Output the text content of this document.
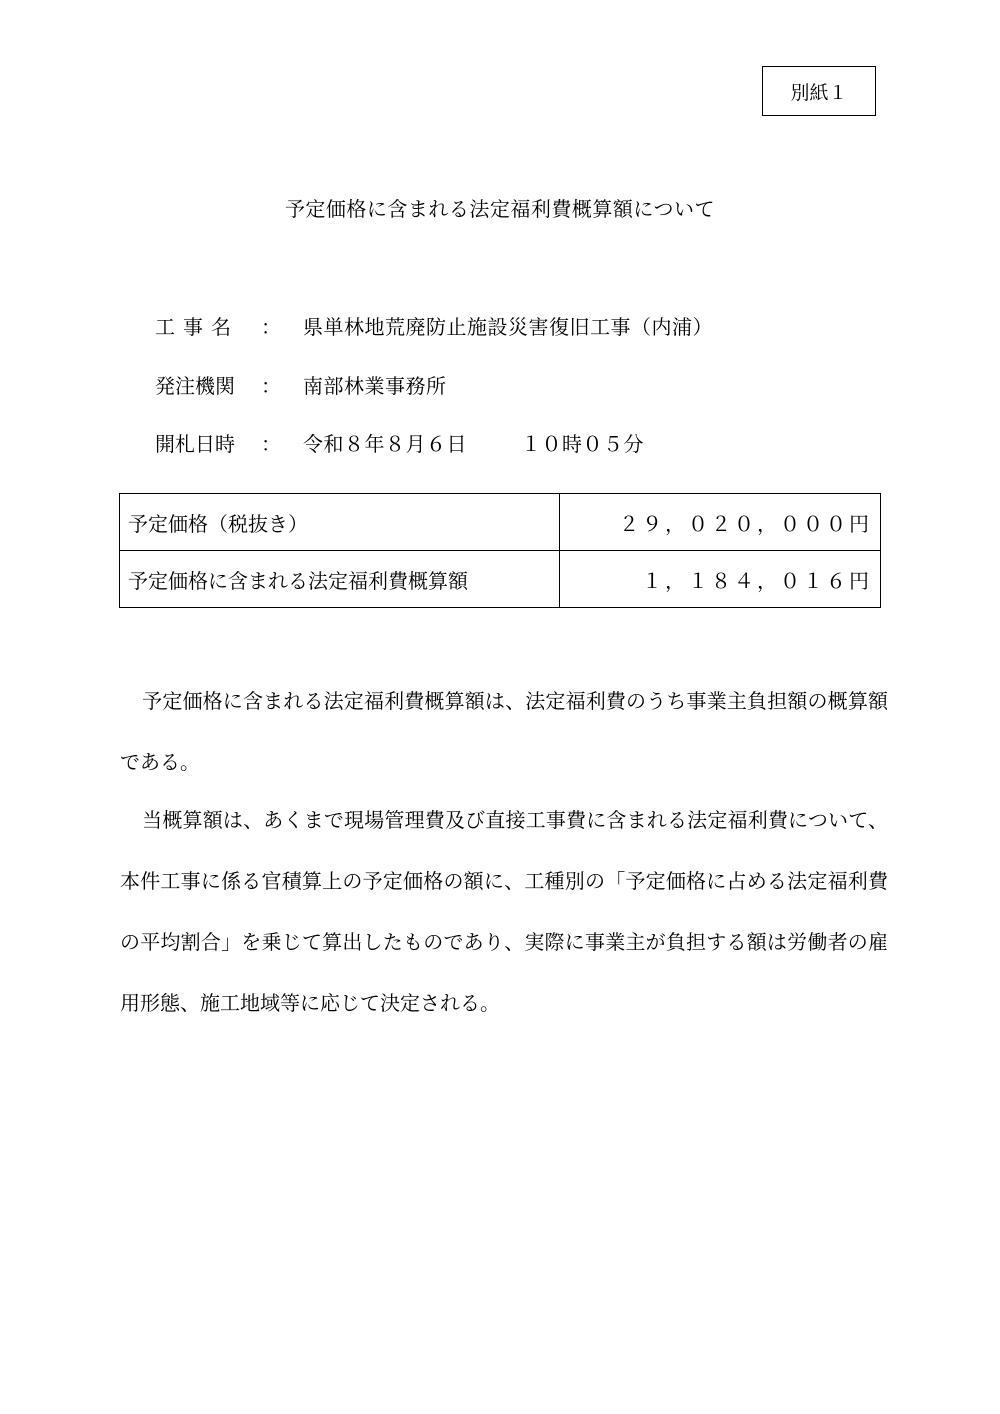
別紙１
予定価格に含まれる法定福利費概算額について
工事名	：	県単林地荒廃防止施設災害復旧工事（内浦）
発注機関	：	南部林業事務所
開札日時	：	令和８年８月６日	１０時０５分
予定価格（税抜き）	２９，０２０，０００円
予定価格に含まれる法定福利費概算額	１，１８４，０１６円
予定価格に含まれる法定福利費概算額は、法定福利費のうち事業主負担額の概算額である。
当概算額は、あくまで現場管理費及び直接工事費に含まれる法定福利費について、本件工事に係る官積算上の予定価格の額に、工種別の「予定価格に占める法定福利費の平均割合」を乗じて算出したものであり、実際に事業主が負担する額は労働者の雇用形態、施工地域等に応じて決定される。
